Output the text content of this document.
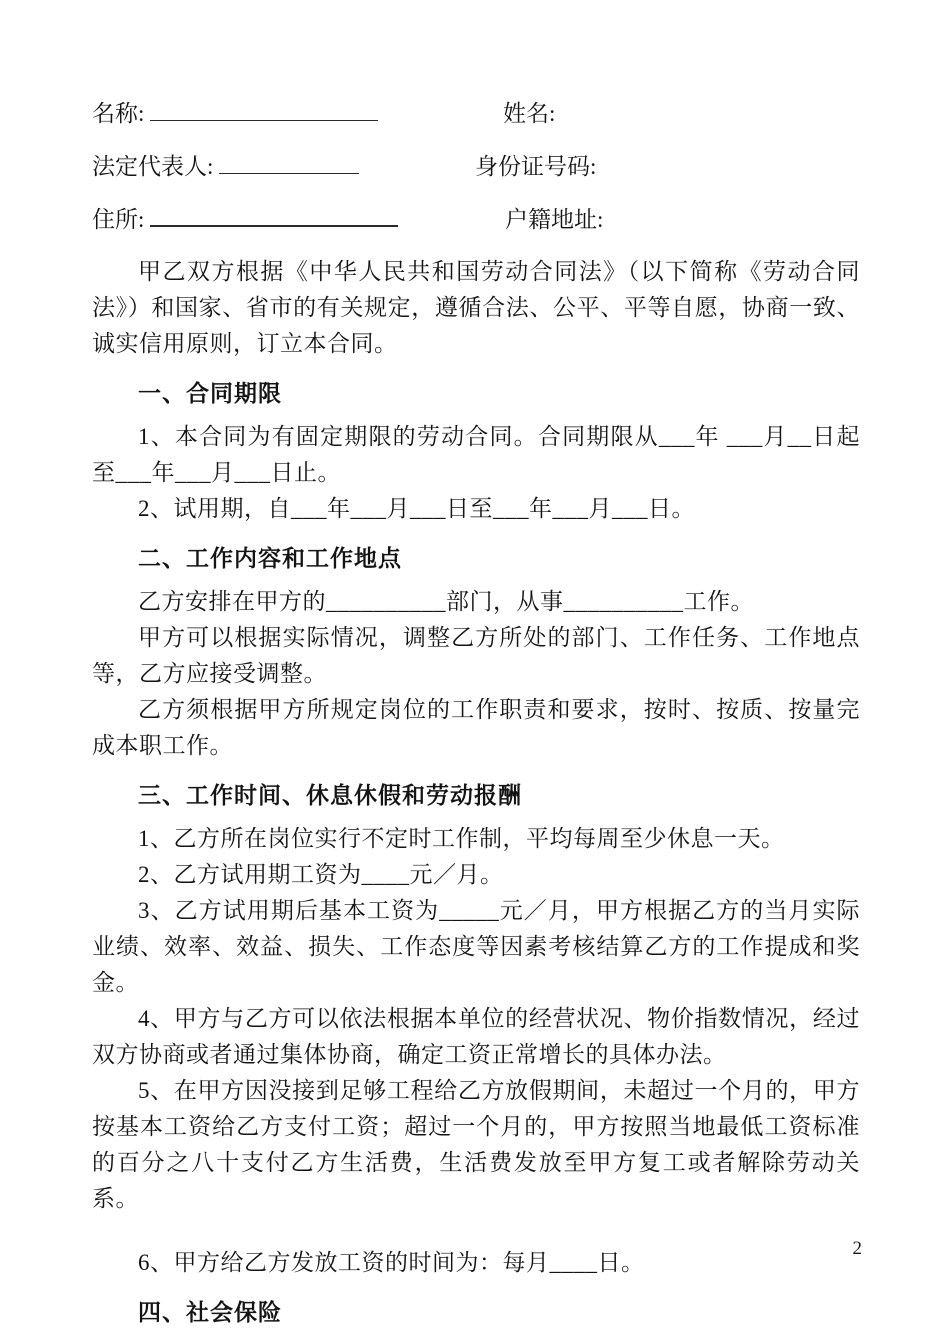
名称:	姓名:
法定代表人:	身份证号码:
住所:	户籍地址:

甲乙双方根据《中华人民共和国劳动合同法》（以下简称《劳动合同法》）和国家、省市的有关规定，遵循合法、公平、平等自愿，协商一致、诚实信用原则，订立本合同。

一、合同期限

1、本合同为有固定期限的劳动合同。合同期限从___年 ___月__日起至___年___月___日止。

2、试用期，自___年___月___日至___年___月___日。

二、工作内容和工作地点

乙方安排在甲方的__________部门，从事__________工作。

甲方可以根据实际情况，调整乙方所处的部门、工作任务、工作地点等，乙方应接受调整。

乙方须根据甲方所规定岗位的工作职责和要求，按时、按质、按量完成本职工作。

三、工作时间、休息休假和劳动报酬

1、乙方所在岗位实行不定时工作制，平均每周至少休息一天。

2、乙方试用期工资为____元／月。

3、乙方试用期后基本工资为_____元／月，甲方根据乙方的当月实际业绩、效率、效益、损失、工作态度等因素考核结算乙方的工作提成和奖金。

4、甲方与乙方可以依法根据本单位的经营状况、物价指数情况，经过双方协商或者通过集体协商，确定工资正常增长的具体办法。

5、在甲方因没接到足够工程给乙方放假期间，未超过一个月的，甲方按基本工资给乙方支付工资；超过一个月的，甲方按照当地最低工资标准的百分之八十支付乙方生活费，生活费发放至甲方复工或者解除劳动关系。

6、甲方给乙方发放工资的时间为：每月____日。

四、社会保险
2
